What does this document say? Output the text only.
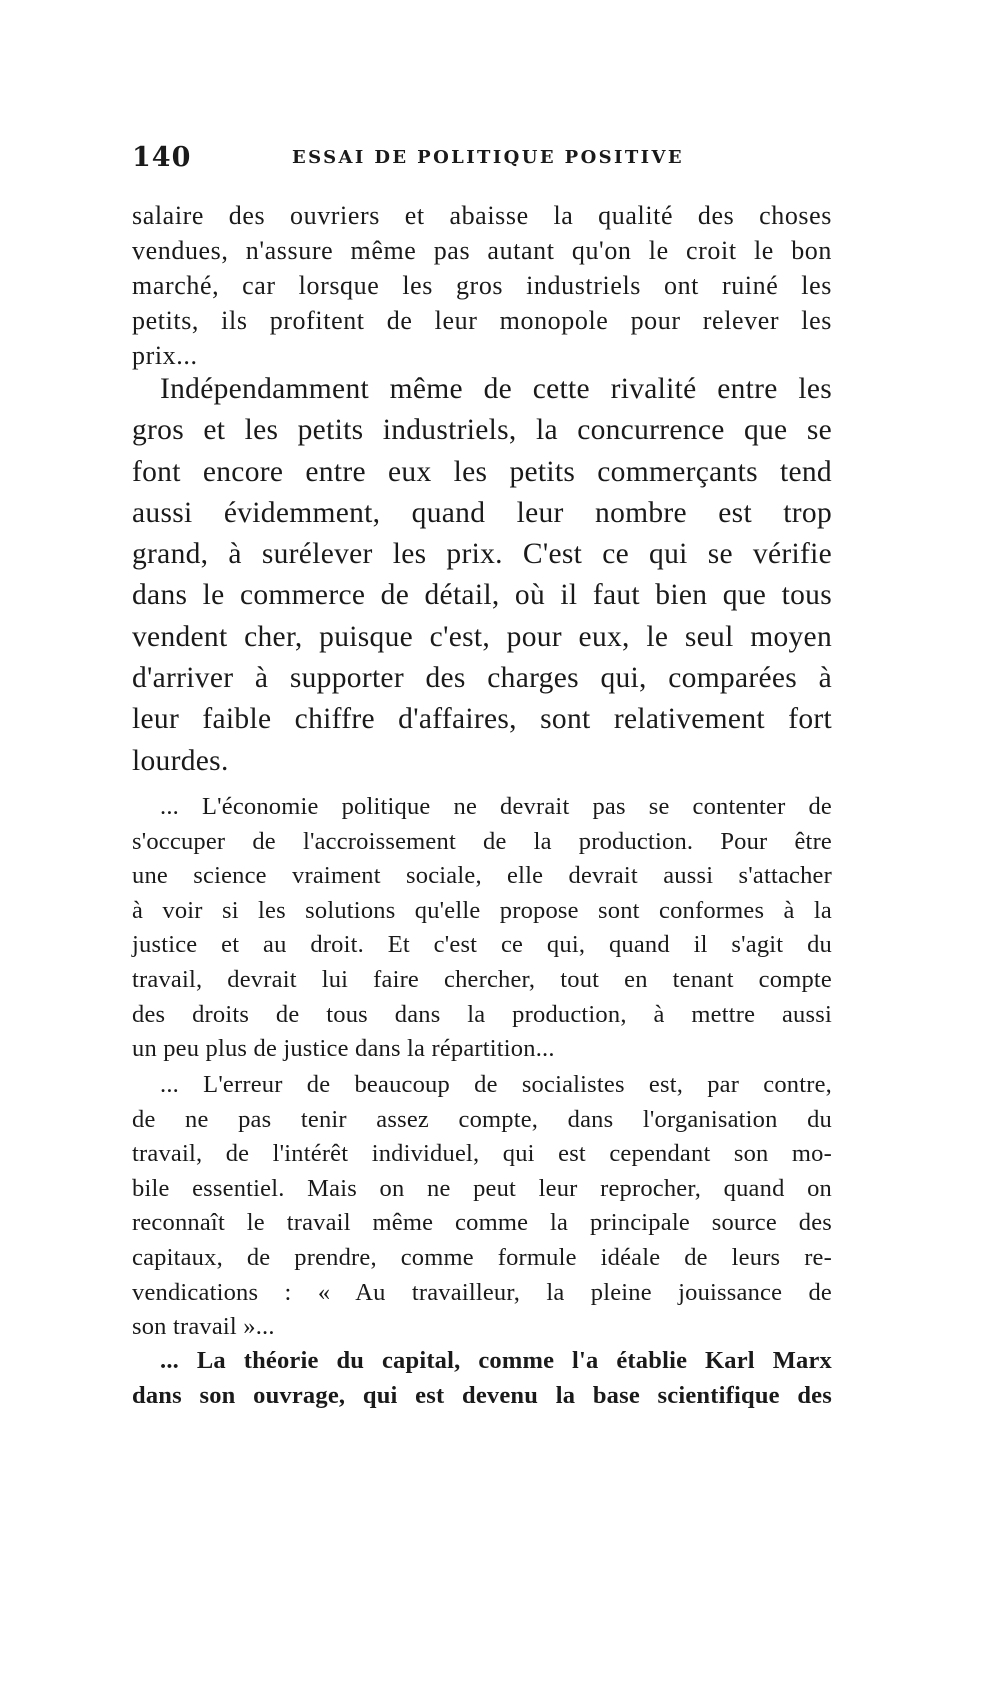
140	ESSAI DE POLITIQUE POSITIVE
salaire des ouvriers et abaisse la qualité des choses
vendues, n'assure même pas autant qu'on le croit le bon
marché, car lorsque les gros industriels ont ruiné les
petits, ils profitent de leur monopole pour relever les
prix...
Indépendamment même de cette rivalité entre les
gros et les petits industriels, la concurrence que se
font encore entre eux les petits commerçants tend
aussi évidemment, quand leur nombre est trop
grand, à surélever les prix. C'est ce qui se vérifie
dans le commerce de détail, où il faut bien que tous
vendent cher, puisque c'est, pour eux, le seul moyen
d'arriver à supporter des charges qui, comparées à
leur faible chiffre d'affaires, sont relativement fort
lourdes.
... L'économie politique ne devrait pas se contenter de
s'occuper de l'accroissement de la production. Pour être
une science vraiment sociale, elle devrait aussi s'attacher
à voir si les solutions qu'elle propose sont conformes à la
justice et au droit. Et c'est ce qui, quand il s'agit du
travail, devrait lui faire chercher, tout en tenant compte
des droits de tous dans la production, à mettre aussi
un peu plus de justice dans la répartition...
... L'erreur de beaucoup de socialistes est, par contre,
de ne pas tenir assez compte, dans l'organisation du
travail, de l'intérêt individuel, qui est cependant son mo-
bile essentiel. Mais on ne peut leur reprocher, quand on
reconnaît le travail même comme la principale source des
capitaux, de prendre, comme formule idéale de leurs re-
vendications : « Au travailleur, la pleine jouissance de
son travail »...
... La théorie du capital, comme l'a établie Karl Marx
dans son ouvrage, qui est devenu la base scientifique des
